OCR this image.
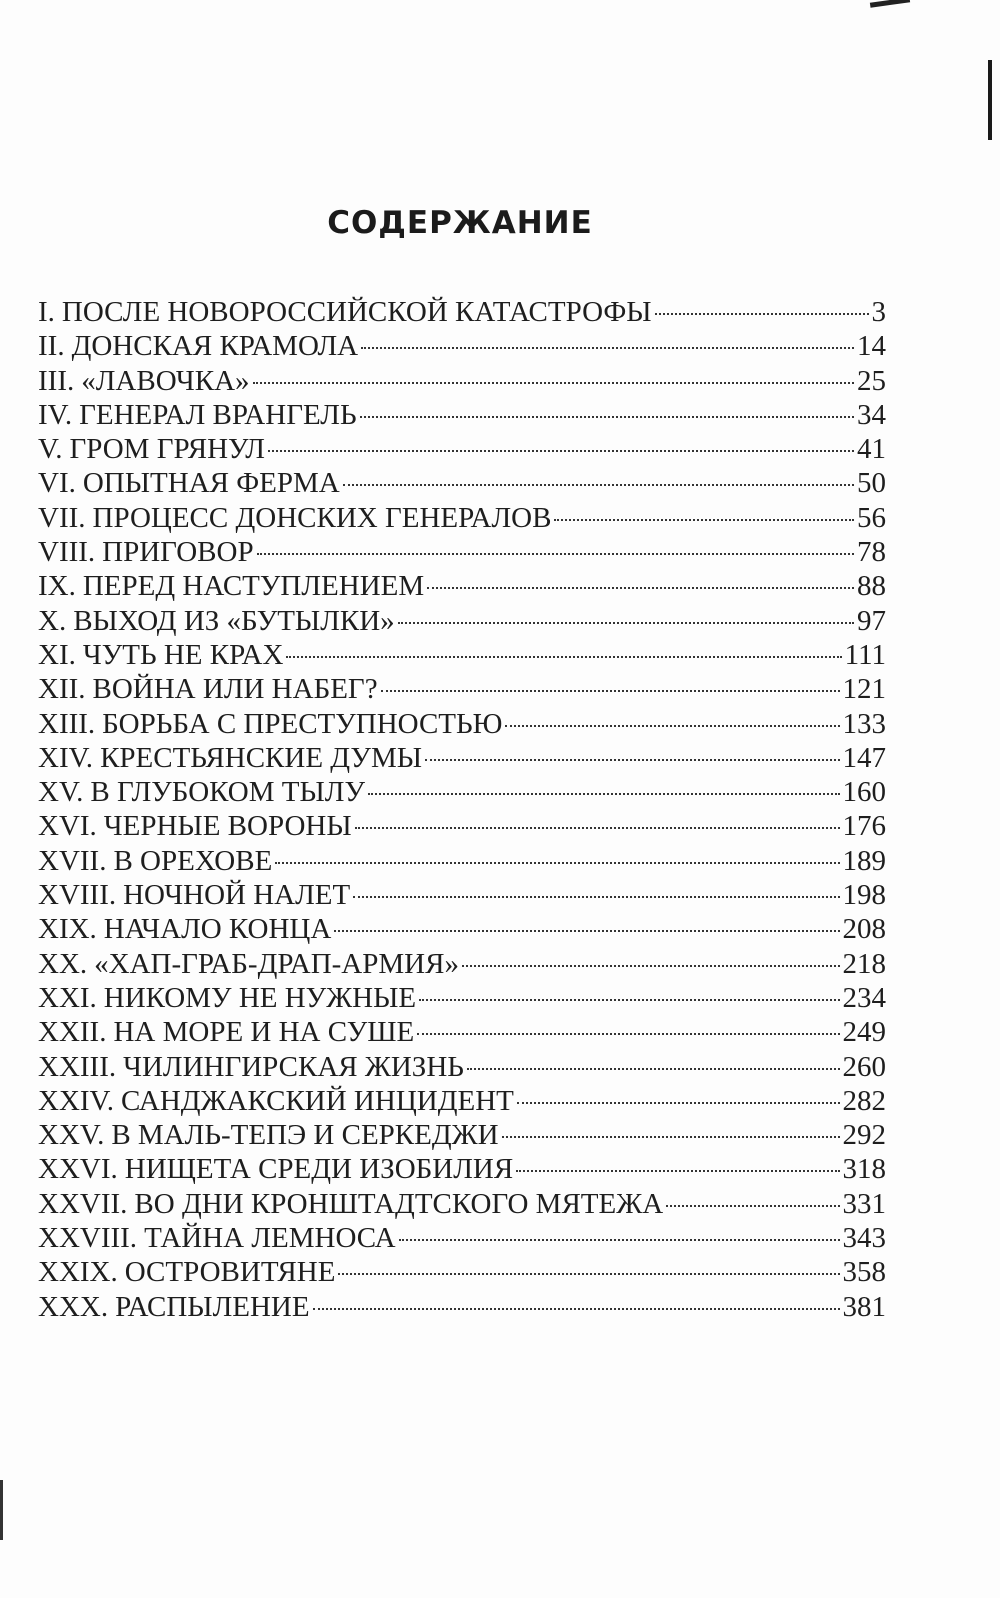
СОДЕРЖАНИЕ
I. ПОСЛЕ НОВОРОССИЙСКОЙ КАТАСТРОФЫ	3
II. ДОНСКАЯ КРАМОЛА	14
III. «ЛАВОЧКА»	25
IV. ГЕНЕРАЛ ВРАНГЕЛЬ	34
V. ГРОМ ГРЯНУЛ	41
VI. ОПЫТНАЯ ФЕРМА	50
VII. ПРОЦЕСС ДОНСКИХ ГЕНЕРАЛОВ	56
VIII. ПРИГОВОР	78
IX. ПЕРЕД НАСТУПЛЕНИЕМ	88
X. ВЫХОД ИЗ «БУТЫЛКИ»	97
XI. ЧУТЬ НЕ КРАХ	111
XII. ВОЙНА ИЛИ НАБЕГ?	121
XIII. БОРЬБА С ПРЕСТУПНОСТЬЮ	133
XIV. КРЕСТЬЯНСКИЕ ДУМЫ	147
XV. В ГЛУБОКОМ ТЫЛУ	160
XVI. ЧЕРНЫЕ ВОРОНЫ	176
XVII. В ОРЕХОВЕ	189
XVIII. НОЧНОЙ НАЛЕТ	198
XIX. НАЧАЛО КОНЦА	208
XX. «ХАП-ГРАБ-ДРАП-АРМИЯ»	218
XXI. НИКОМУ НЕ НУЖНЫЕ	234
XXII. НА МОРЕ И НА СУШЕ	249
XXIII. ЧИЛИНГИРСКАЯ ЖИЗНЬ	260
XXIV. САНДЖАКСКИЙ ИНЦИДЕНТ	282
XXV. В МАЛЬ-ТЕПЭ И СЕРКЕДЖИ	292
XXVI. НИЩЕТА СРЕДИ ИЗОБИЛИЯ	318
XXVII. ВО ДНИ КРОНШТАДТСКОГО МЯТЕЖА	331
XXVIII. ТАЙНА ЛЕМНОСА	343
XXIX. ОСТРОВИТЯНЕ	358
XXX. РАСПЫЛЕНИЕ	381
